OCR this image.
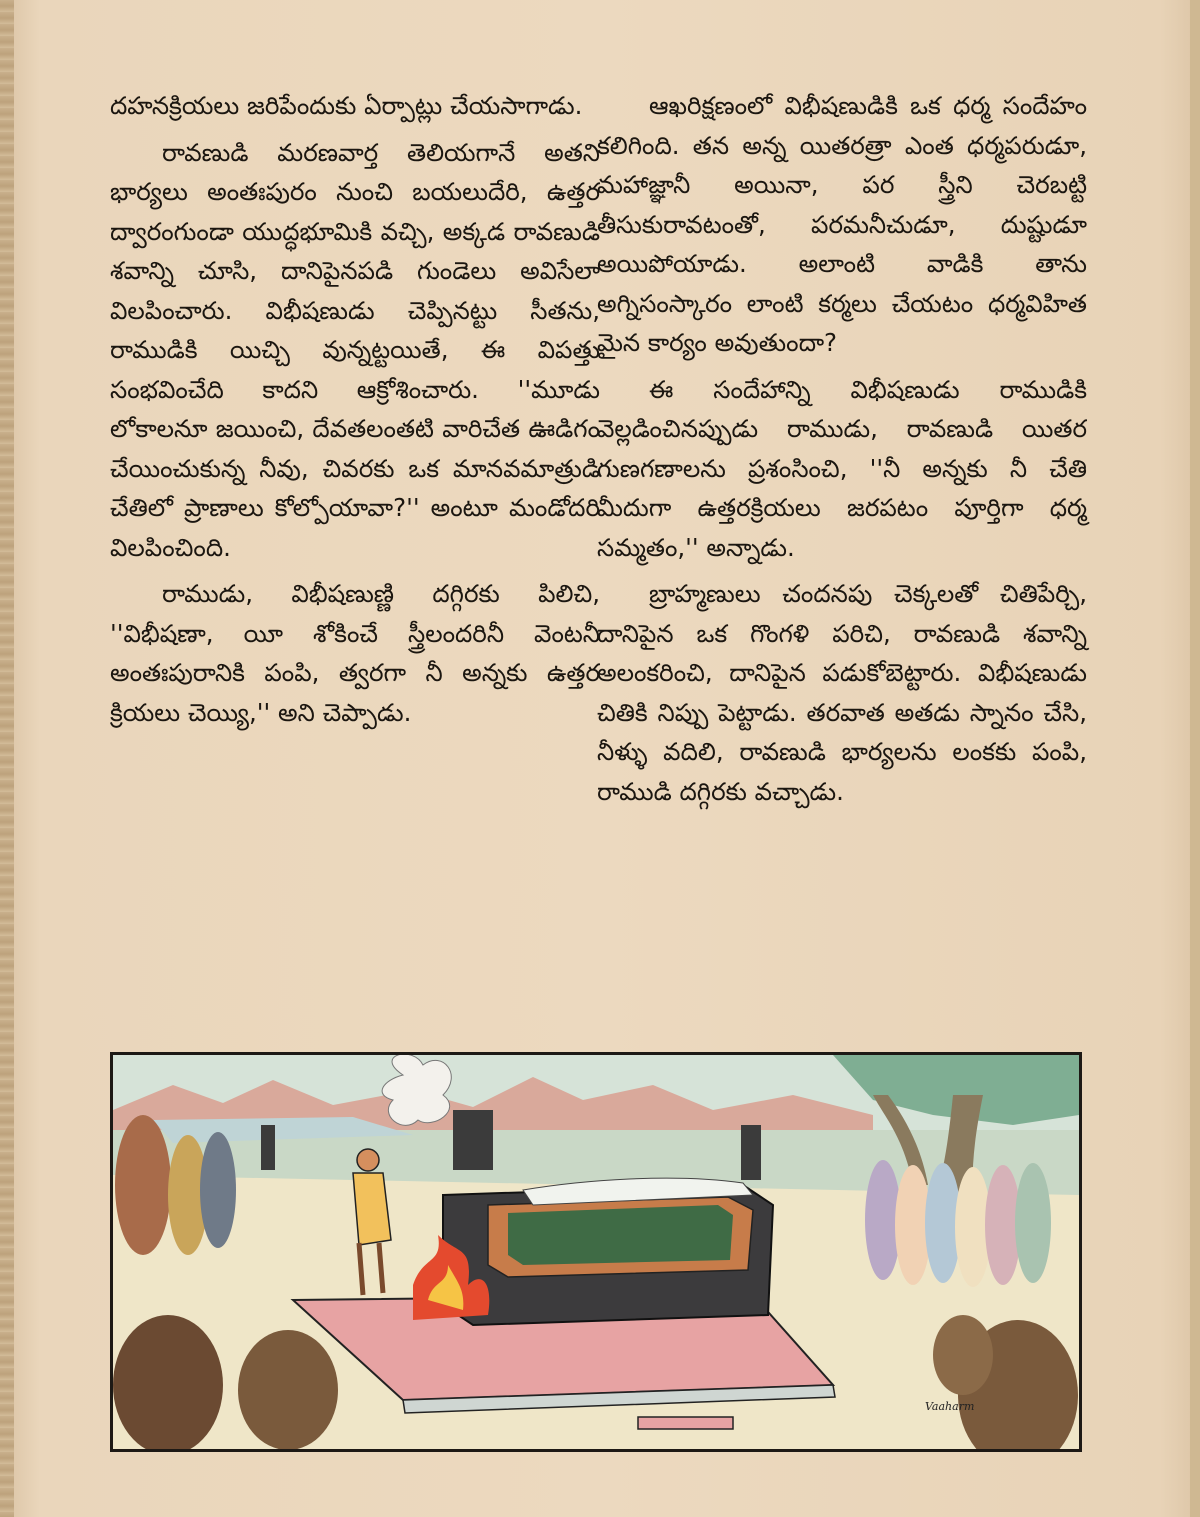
దహనక్రియలు జరిపేందుకు ఏర్పాట్లు చేయసాగాడు.

రావణుడి మరణవార్త తెలియగానే అతని భార్యలు అంతఃపురం నుంచి బయలుదేరి, ఉత్తర ద్వారంగుండా యుద్ధభూమికి వచ్చి, అక్కడ రావణుడి శవాన్ని చూసి, దానిపైనపడి గుండెలు అవిసేలా విలపించారు. విభీషణుడు చెప్పినట్టు సీతను, రాముడికి యిచ్చి వున్నట్టయితే, ఈ విపత్తు సంభవించేది కాదని ఆక్రోశించారు. ''మూడు లోకాలనూ జయించి, దేవతలంతటి వారిచేత ఊడిగం చేయించుకున్న నీవు, చివరకు ఒక మానవమాత్రుడి చేతిలో ప్రాణాలు కోల్పోయావా?'' అంటూ మండోదరి విలపించింది.

రాముడు, విభీషణుణ్ణి దగ్గిరకు పిలిచి, ''విభీషణా, యీ శోకించే స్త్రీలందరినీ వెంటనీ అంతఃపురానికి పంపి, త్వరగా నీ అన్నకు ఉత్తర క్రియలు చెయ్యి,'' అని చెప్పాడు.

ఆఖరిక్షణంలో విభీషణుడికి ఒక ధర్మ సందేహం కలిగింది. తన అన్న యితరత్రా ఎంత ధర్మపరుడూ, మహాజ్ఞానీ అయినా, పర స్త్రీని చెరబట్టి తీసుకురావటంతో, పరమనీచుడూ, దుష్టుడూ అయిపోయాడు. అలాంటి వాడికి తాను అగ్నిసంస్కారం లాంటి కర్మలు చేయటం ధర్మవిహిత మైన కార్యం అవుతుందా?

ఈ సందేహాన్ని విభీషణుడు రాముడికి వెల్లడించినప్పుడు రాముడు, రావణుడి యితర గుణగణాలను ప్రశంసించి, ''నీ అన్నకు నీ చేతి మీదుగా ఉత్తరక్రియలు జరపటం పూర్తిగా ధర్మ సమ్మతం,'' అన్నాడు.

బ్రాహ్మణులు చందనపు చెక్కలతో చితిపేర్చి, దానిపైన ఒక గొంగళి పరిచి, రావణుడి శవాన్ని అలంకరించి, దానిపైన పడుకోబెట్టారు. విభీషణుడు చితికి నిప్పు పెట్టాడు. తరవాత అతడు స్నానం చేసి, నీళ్ళు వదిలి, రావణుడి భార్యలను లంకకు పంపి, రాముడి దగ్గిరకు వచ్చాడు.

Vaaharm
